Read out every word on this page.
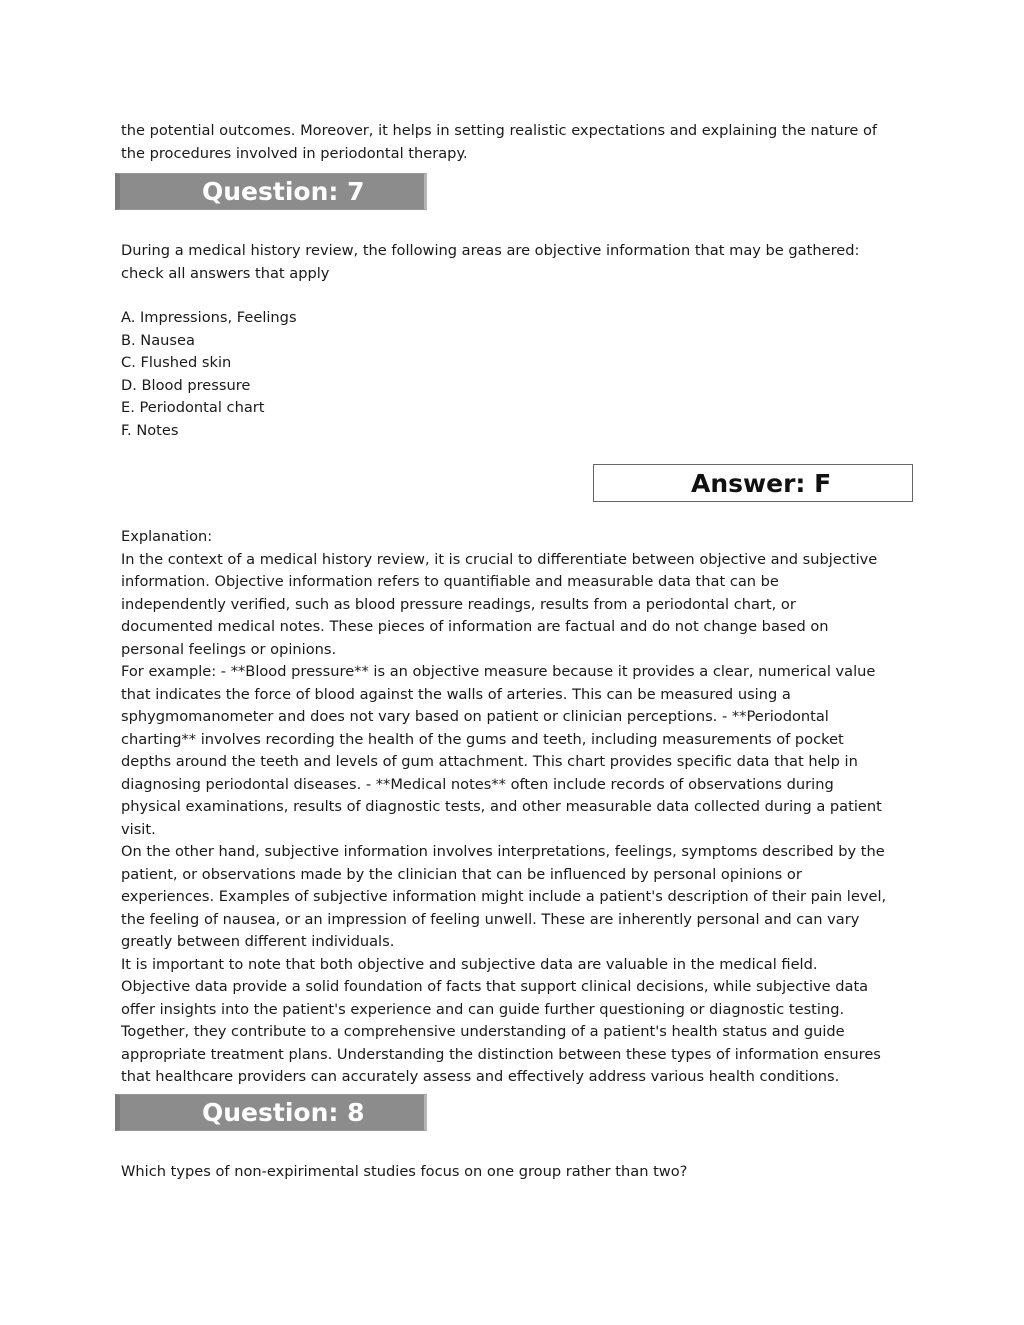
the potential outcomes. Moreover, it helps in setting realistic expectations and explaining the nature of
the procedures involved in periodontal therapy.
Question: 7
During a medical history review, the following areas are objective information that may be gathered:
check all answers that apply
A. Impressions, Feelings
B. Nausea
C. Flushed skin
D. Blood pressure
E. Periodontal chart
F. Notes
Answer: F
Explanation:
In the context of a medical history review, it is crucial to differentiate between objective and subjective
information. Objective information refers to quantifiable and measurable data that can be
independently verified, such as blood pressure readings, results from a periodontal chart, or
documented medical notes. These pieces of information are factual and do not change based on
personal feelings or opinions.
For example: - **Blood pressure** is an objective measure because it provides a clear, numerical value
that indicates the force of blood against the walls of arteries. This can be measured using a
sphygmomanometer and does not vary based on patient or clinician perceptions. - **Periodontal
charting** involves recording the health of the gums and teeth, including measurements of pocket
depths around the teeth and levels of gum attachment. This chart provides specific data that help in
diagnosing periodontal diseases. - **Medical notes** often include records of observations during
physical examinations, results of diagnostic tests, and other measurable data collected during a patient
visit.
On the other hand, subjective information involves interpretations, feelings, symptoms described by the
patient, or observations made by the clinician that can be influenced by personal opinions or
experiences. Examples of subjective information might include a patient's description of their pain level,
the feeling of nausea, or an impression of feeling unwell. These are inherently personal and can vary
greatly between different individuals.
It is important to note that both objective and subjective data are valuable in the medical field.
Objective data provide a solid foundation of facts that support clinical decisions, while subjective data
offer insights into the patient's experience and can guide further questioning or diagnostic testing.
Together, they contribute to a comprehensive understanding of a patient's health status and guide
appropriate treatment plans. Understanding the distinction between these types of information ensures
that healthcare providers can accurately assess and effectively address various health conditions.
Question: 8
Which types of non-expirimental studies focus on one group rather than two?
